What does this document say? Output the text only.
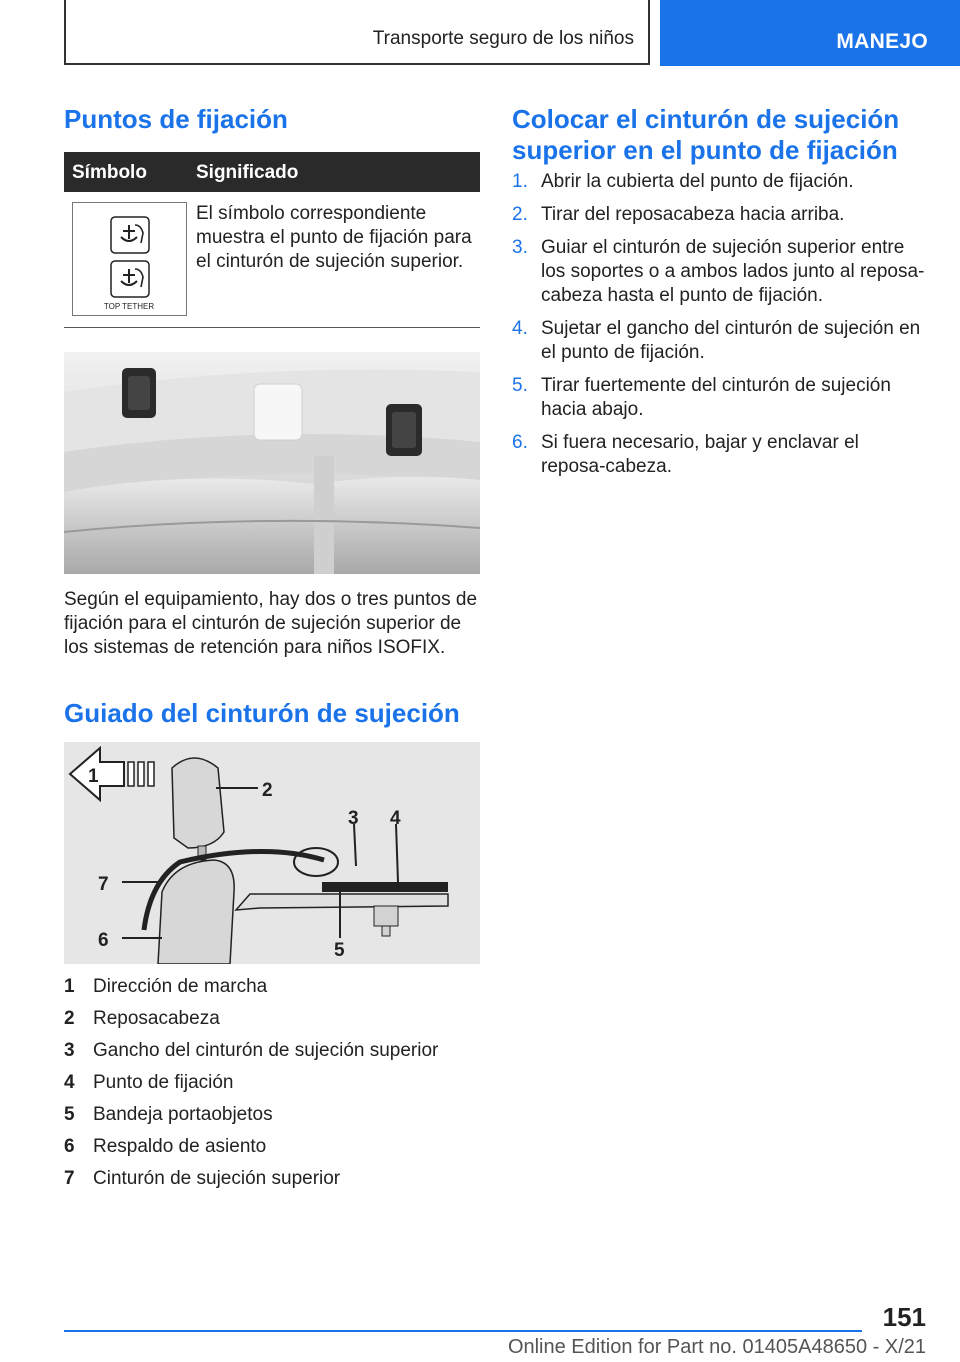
Transporte seguro de los niños	MANEJO
Puntos de fijación
Símbolo	Significado
TOP TETHER
El símbolo correspondiente muestra el punto de fijación para el cinturón de sujeción superior.
Según el equipamiento, hay dos o tres puntos de fijación para el cinturón de sujeción superior de los sistemas de retención para niños ISOFIX.
Guiado del cinturón de sujeción
1
2
3 4
5
6
7
1 Dirección de marcha
2 Reposacabeza
3 Gancho del cinturón de sujeción superior
4 Punto de fijación
5 Bandeja portaobjetos
6 Respaldo de asiento
7 Cinturón de sujeción superior
Colocar el cinturón de sujeción superior en el punto de fijación
1. Abrir la cubierta del punto de fijación.
2. Tirar del reposacabeza hacia arriba.
3. Guiar el cinturón de sujeción superior entre los soportes o a ambos lados junto al reposa‐cabeza hasta el punto de fijación.
4. Sujetar el gancho del cinturón de sujeción en el punto de fijación.
5. Tirar fuertemente del cinturón de sujeción hacia abajo.
6. Si fuera necesario, bajar y enclavar el reposa‐cabeza.
151
Online Edition for Part no. 01405A48650 - X/21
